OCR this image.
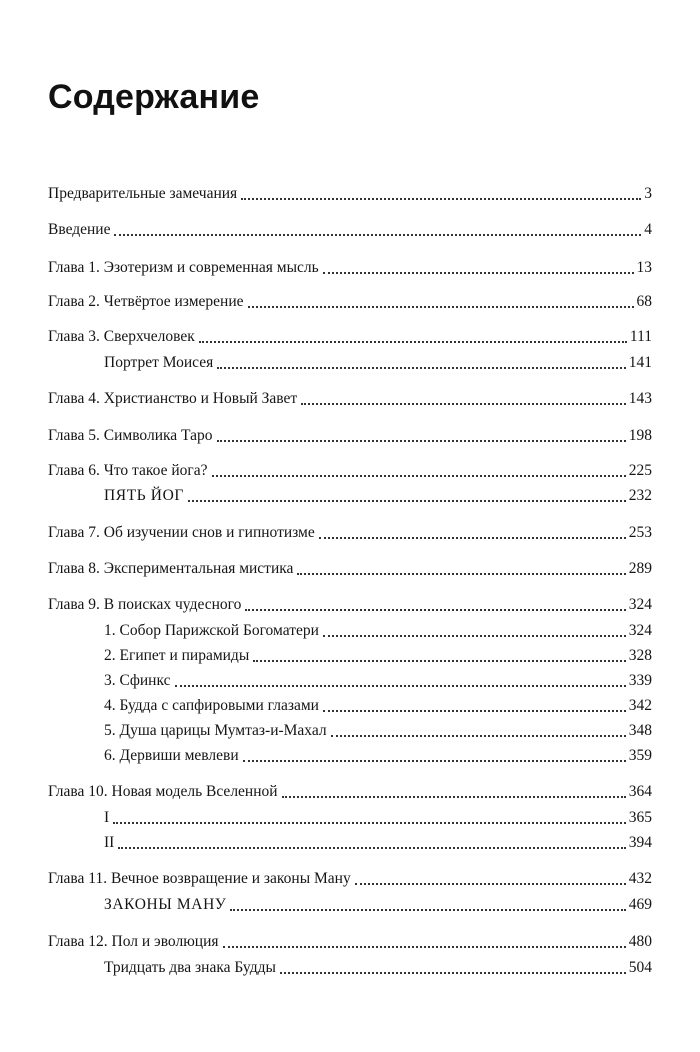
Содержание
Предварительные замечания	3
Введение	4
Глава 1. Эзотеризм и современная мысль	13
Глава 2. Четвёртое измерение	68
Глава 3. Сверхчеловек	111
Портрет Моисея	141
Глава 4. Христианство и Новый Завет	143
Глава 5. Символика Таро	198
Глава 6. Что такое йога?	225
ПЯТЬ ЙОГ	232
Глава 7. Об изучении снов и гипнотизме	253
Глава 8. Экспериментальная мистика	289
Глава 9. В поисках чудесного	324
1. Собор Парижской Богоматери	324
2. Египет и пирамиды	328
3. Сфинкс	339
4. Будда с сапфировыми глазами	342
5. Душа царицы Мумтаз-и-Махал	348
6. Дервиши мевлеви	359
Глава 10. Новая модель Вселенной	364
I	365
II	394
Глава 11. Вечное возвращение и законы Ману	432
ЗАКОНЫ МАНУ	469
Глава 12. Пол и эволюция	480
Тридцать два знака Будды	504
